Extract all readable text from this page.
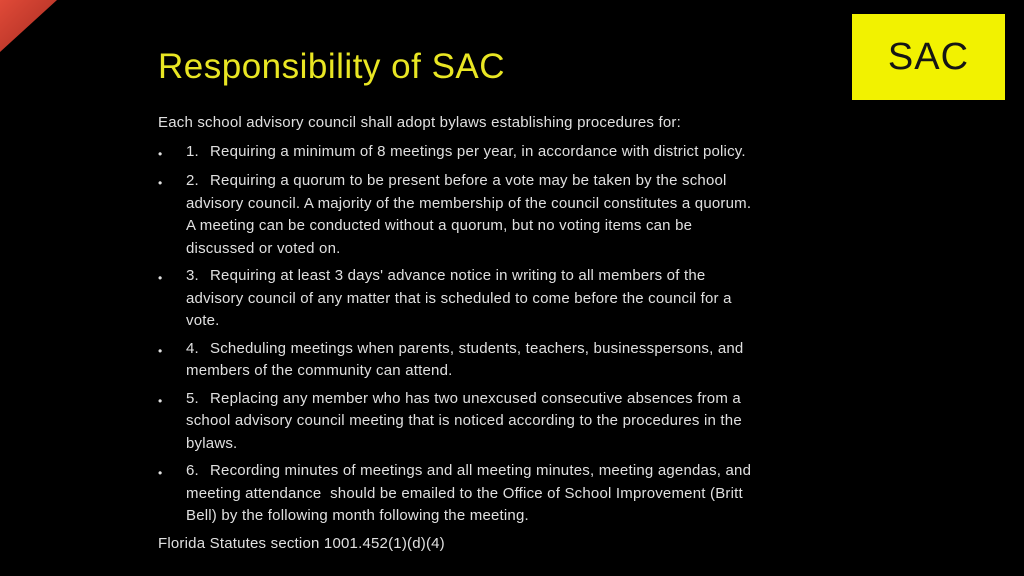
SAC
Responsibility of SAC

Each school advisory council shall adopt bylaws establishing procedures for:

•	1. Requiring a minimum of 8 meetings per year, in accordance with district policy.
•	2. Requiring a quorum to be present before a vote may be taken by the school advisory council. A majority of the membership of the council constitutes a quorum. A meeting can be conducted without a quorum, but no voting items can be discussed or voted on.
•	3. Requiring at least 3 days' advance notice in writing to all members of the advisory council of any matter that is scheduled to come before the council for a vote.
•	4. Scheduling meetings when parents, students, teachers, businesspersons, and members of the community can attend.
•	5. Replacing any member who has two unexcused consecutive absences from a school advisory council meeting that is noticed according to the procedures in the bylaws.
•	6. Recording minutes of meetings and all meeting minutes, meeting agendas, and  meeting attendance  should be emailed to the Office of School Improvement (Britt Bell) by the following month following the meeting.

Florida Statutes section 1001.452(1)(d)(4)
